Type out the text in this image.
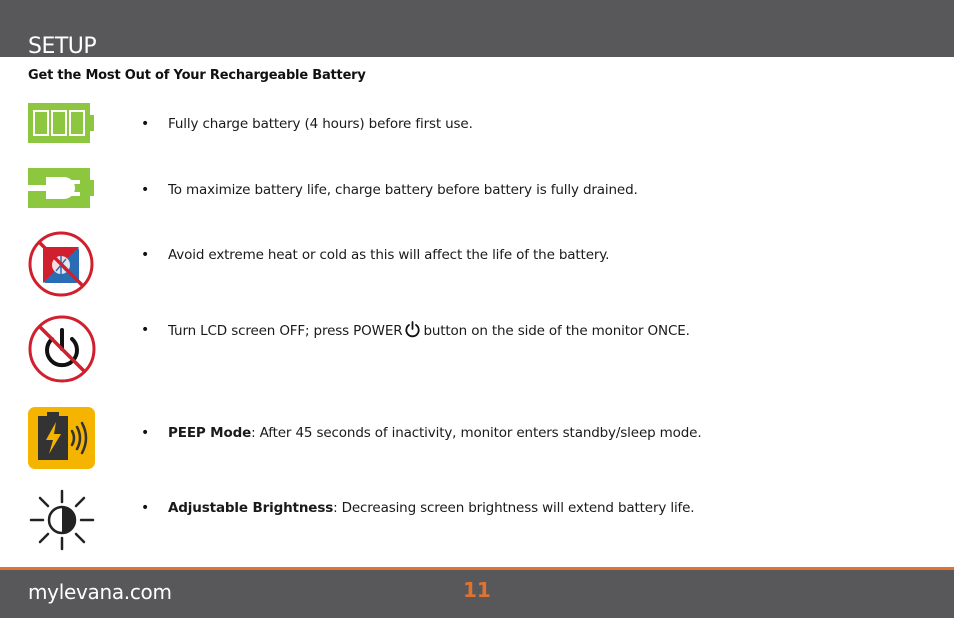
SETUP
Get the Most Out of Your Rechargeable Battery
• Fully charge battery (4 hours) before first use.
• To maximize battery life, charge battery before battery is fully drained.
• Avoid extreme heat or cold as this will affect the life of the battery.
• Turn LCD screen OFF; press POWER button on the side of the monitor ONCE.
• PEEP Mode: After 45 seconds of inactivity, monitor enters standby/sleep mode.
• Adjustable Brightness: Decreasing screen brightness will extend battery life.
mylevana.com	11
